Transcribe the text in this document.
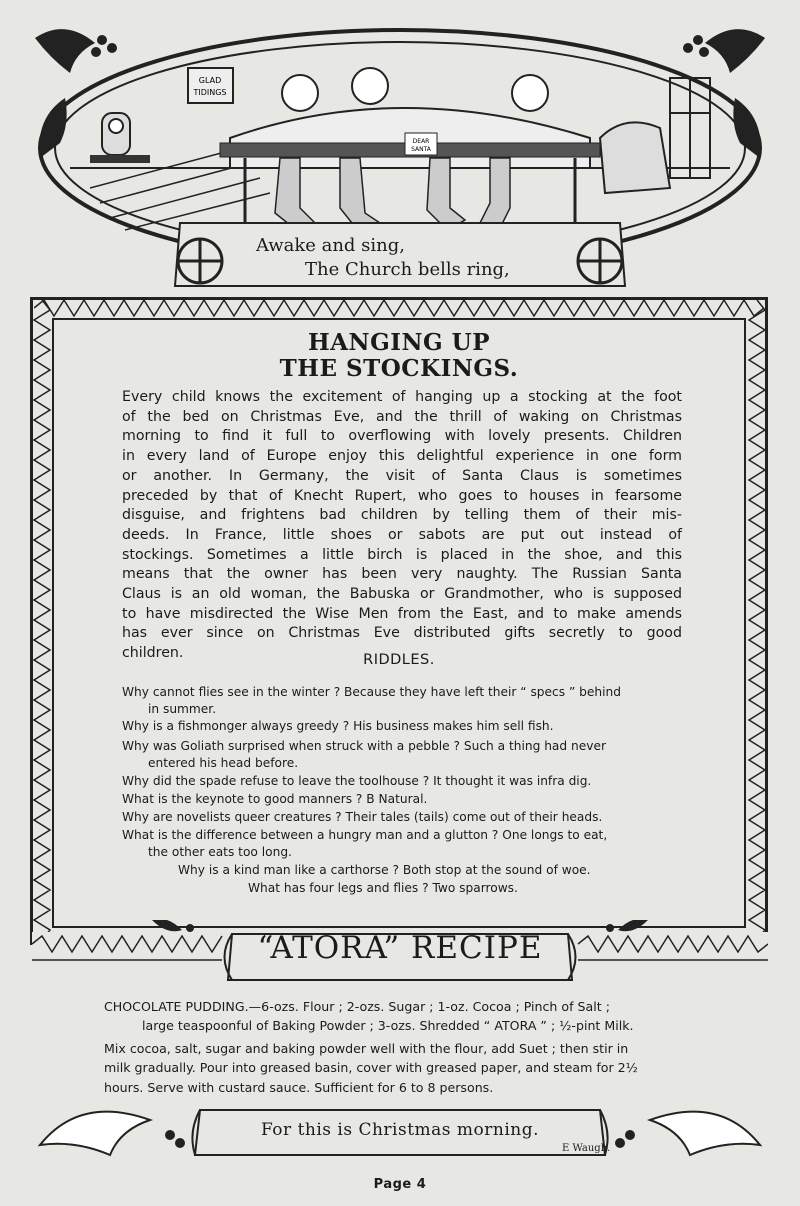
GLAD
TIDINGS
DEAR
SANTA
Awake and sing,
The Church bells ring,
HANGING UP
THE STOCKINGS.
Every child knows the excitement of hanging up a stocking at the foot
of the bed on Christmas Eve, and the thrill of waking on Christmas
morning to find it full to overflowing with lovely presents. Children
in every land of Europe enjoy this delightful experience in one form
or another. In Germany, the visit of Santa Claus is sometimes
preceded by that of Knecht Rupert, who goes to houses in fearsome
disguise, and frightens bad children by telling them of their mis-
deeds. In France, little shoes or sabots are put out instead of
stockings. Sometimes a little birch is placed in the shoe, and this
means that the owner has been very naughty. The Russian Santa
Claus is an old woman, the Babuska or Grandmother, who is supposed
to have misdirected the Wise Men from the East, and to make amends
has ever since on Christmas Eve distributed gifts secretly to good
children.	RIDDLES.
Why cannot flies see in the winter ? Because they have left their “ specs ” behind
in summer.
Why is a fishmonger always greedy ? His business makes him sell fish.
Why was Goliath surprised when struck with a pebble ? Such a thing had never
entered his head before.
Why did the spade refuse to leave the toolhouse ? It thought it was infra dig.
What is the keynote to good manners ? B Natural.
Why are novelists queer creatures ? Their tales (tails) come out of their heads.
What is the difference between a hungry man and a glutton ? One longs to eat,
the other eats too long.
Why is a kind man like a carthorse ? Both stop at the sound of woe.
What has four legs and flies ? Two sparrows.
“ATORA” RECIPE
CHOCOLATE PUDDING.—6-ozs. Flour ; 2-ozs. Sugar ; 1-oz. Cocoa ; Pinch of Salt ;
large teaspoonful of Baking Powder ; 3-ozs. Shredded “ ATORA ” ; ½-pint Milk.
Mix cocoa, salt, sugar and baking powder well with the flour, add Suet ; then stir in
milk gradually. Pour into greased basin, cover with greased paper, and steam for 2½
hours. Serve with custard sauce. Sufficient for 6 to 8 persons.
For this is Christmas morning.
E Waugh.
Page 4
